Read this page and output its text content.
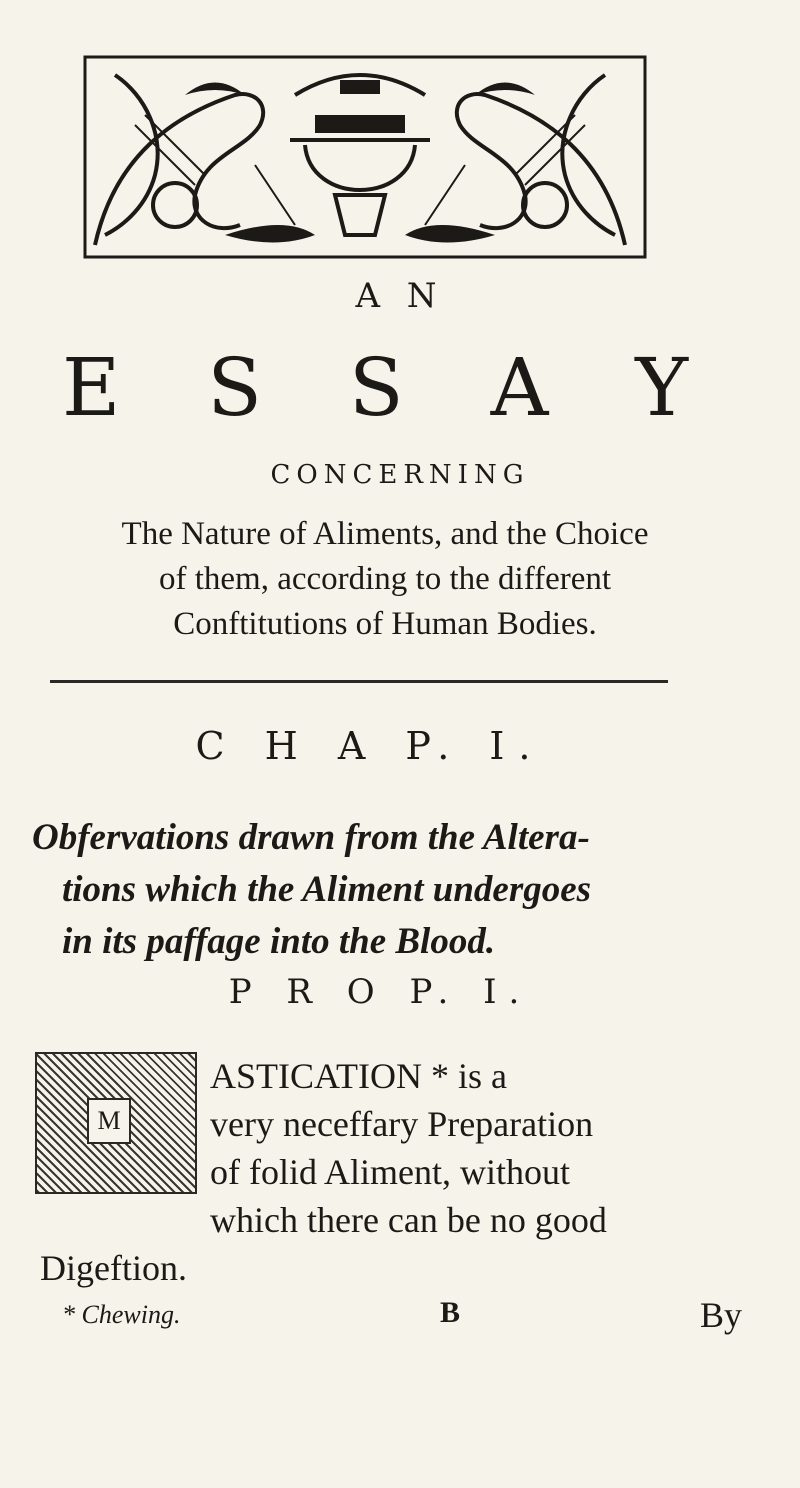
A N
E S S A Y
CONCERNING
The Nature of Aliments, and the Choice
of them, according to the different
Conftitutions of Human Bodies.
C H A P. I.
Obfervations drawn from the Altera-
tions which the Aliment undergoes
in its paffage into the Blood.
P R O P. I.
M
ASTICATION * is a
very neceffary Preparation
of folid Aliment, without
which there can be no good
Digeftion.
* Chewing.	B	By
